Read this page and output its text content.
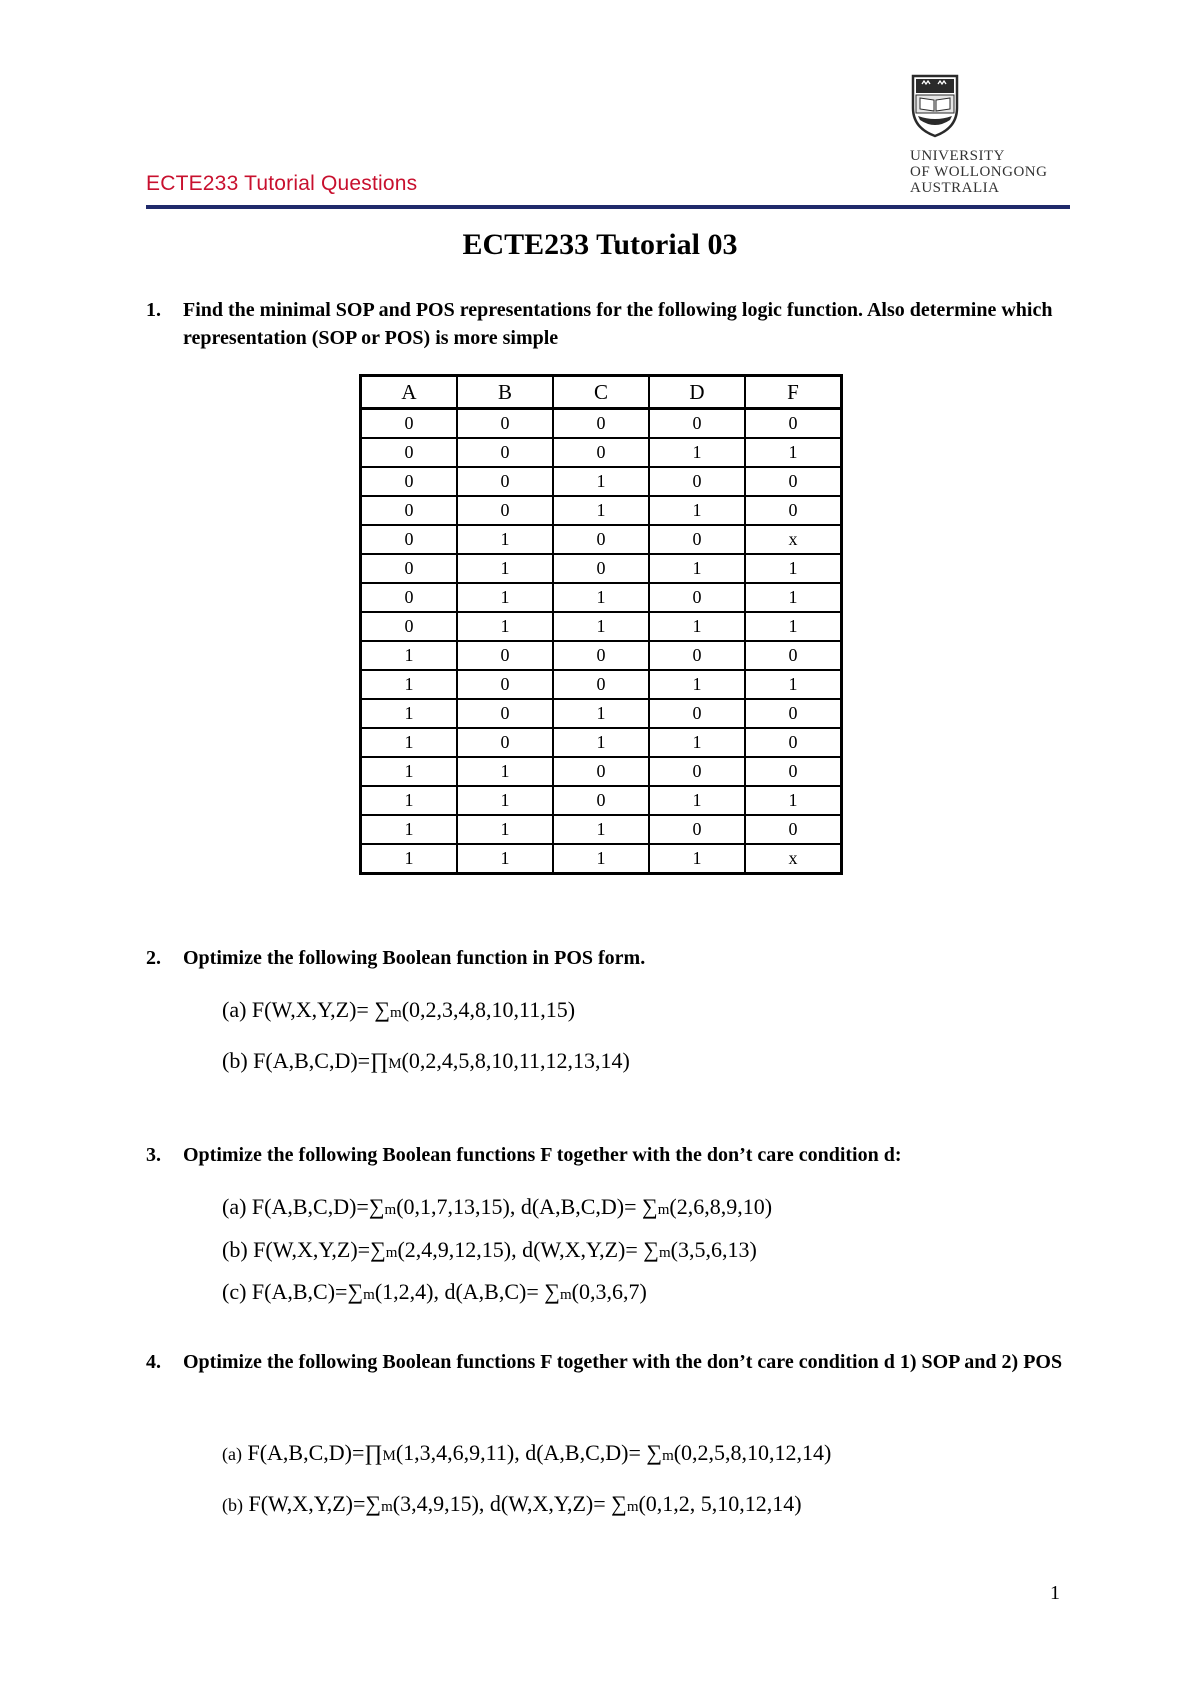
UNIVERSITY
OF WOLLONGONG
AUSTRALIA
ECTE233 Tutorial Questions
ECTE233 Tutorial 03
1. Find the minimal SOP and POS representations for the following logic function. Also determine which representation (SOP or POS) is more simple
A	B	C	D	F
0	0	0	0	0
0	0	0	1	1
0	0	1	0	0
0	0	1	1	0
0	1	0	0	x
0	1	0	1	1
0	1	1	0	1
0	1	1	1	1
1	0	0	0	0
1	0	0	1	1
1	0	1	0	0
1	0	1	1	0
1	1	0	0	0
1	1	0	1	1
1	1	1	0	0
1	1	1	1	x
2. Optimize the following Boolean function in POS form.
(a) F(W,X,Y,Z)= ∑m(0,2,3,4,8,10,11,15)
(b) F(A,B,C,D)=∏M(0,2,4,5,8,10,11,12,13,14)
3. Optimize the following Boolean functions F together with the don’t care condition d:
(a) F(A,B,C,D)=∑m(0,1,7,13,15), d(A,B,C,D)= ∑m(2,6,8,9,10)
(b) F(W,X,Y,Z)=∑m(2,4,9,12,15), d(W,X,Y,Z)= ∑m(3,5,6,13)
(c) F(A,B,C)=∑m(1,2,4), d(A,B,C)= ∑m(0,3,6,7)
4. Optimize the following Boolean functions F together with the don’t care condition d 1) SOP and 2) POS
(a) F(A,B,C,D)=∏M(1,3,4,6,9,11), d(A,B,C,D)= ∑m(0,2,5,8,10,12,14)
(b) F(W,X,Y,Z)=∑m(3,4,9,15), d(W,X,Y,Z)= ∑m(0,1,2, 5,10,12,14)
1
